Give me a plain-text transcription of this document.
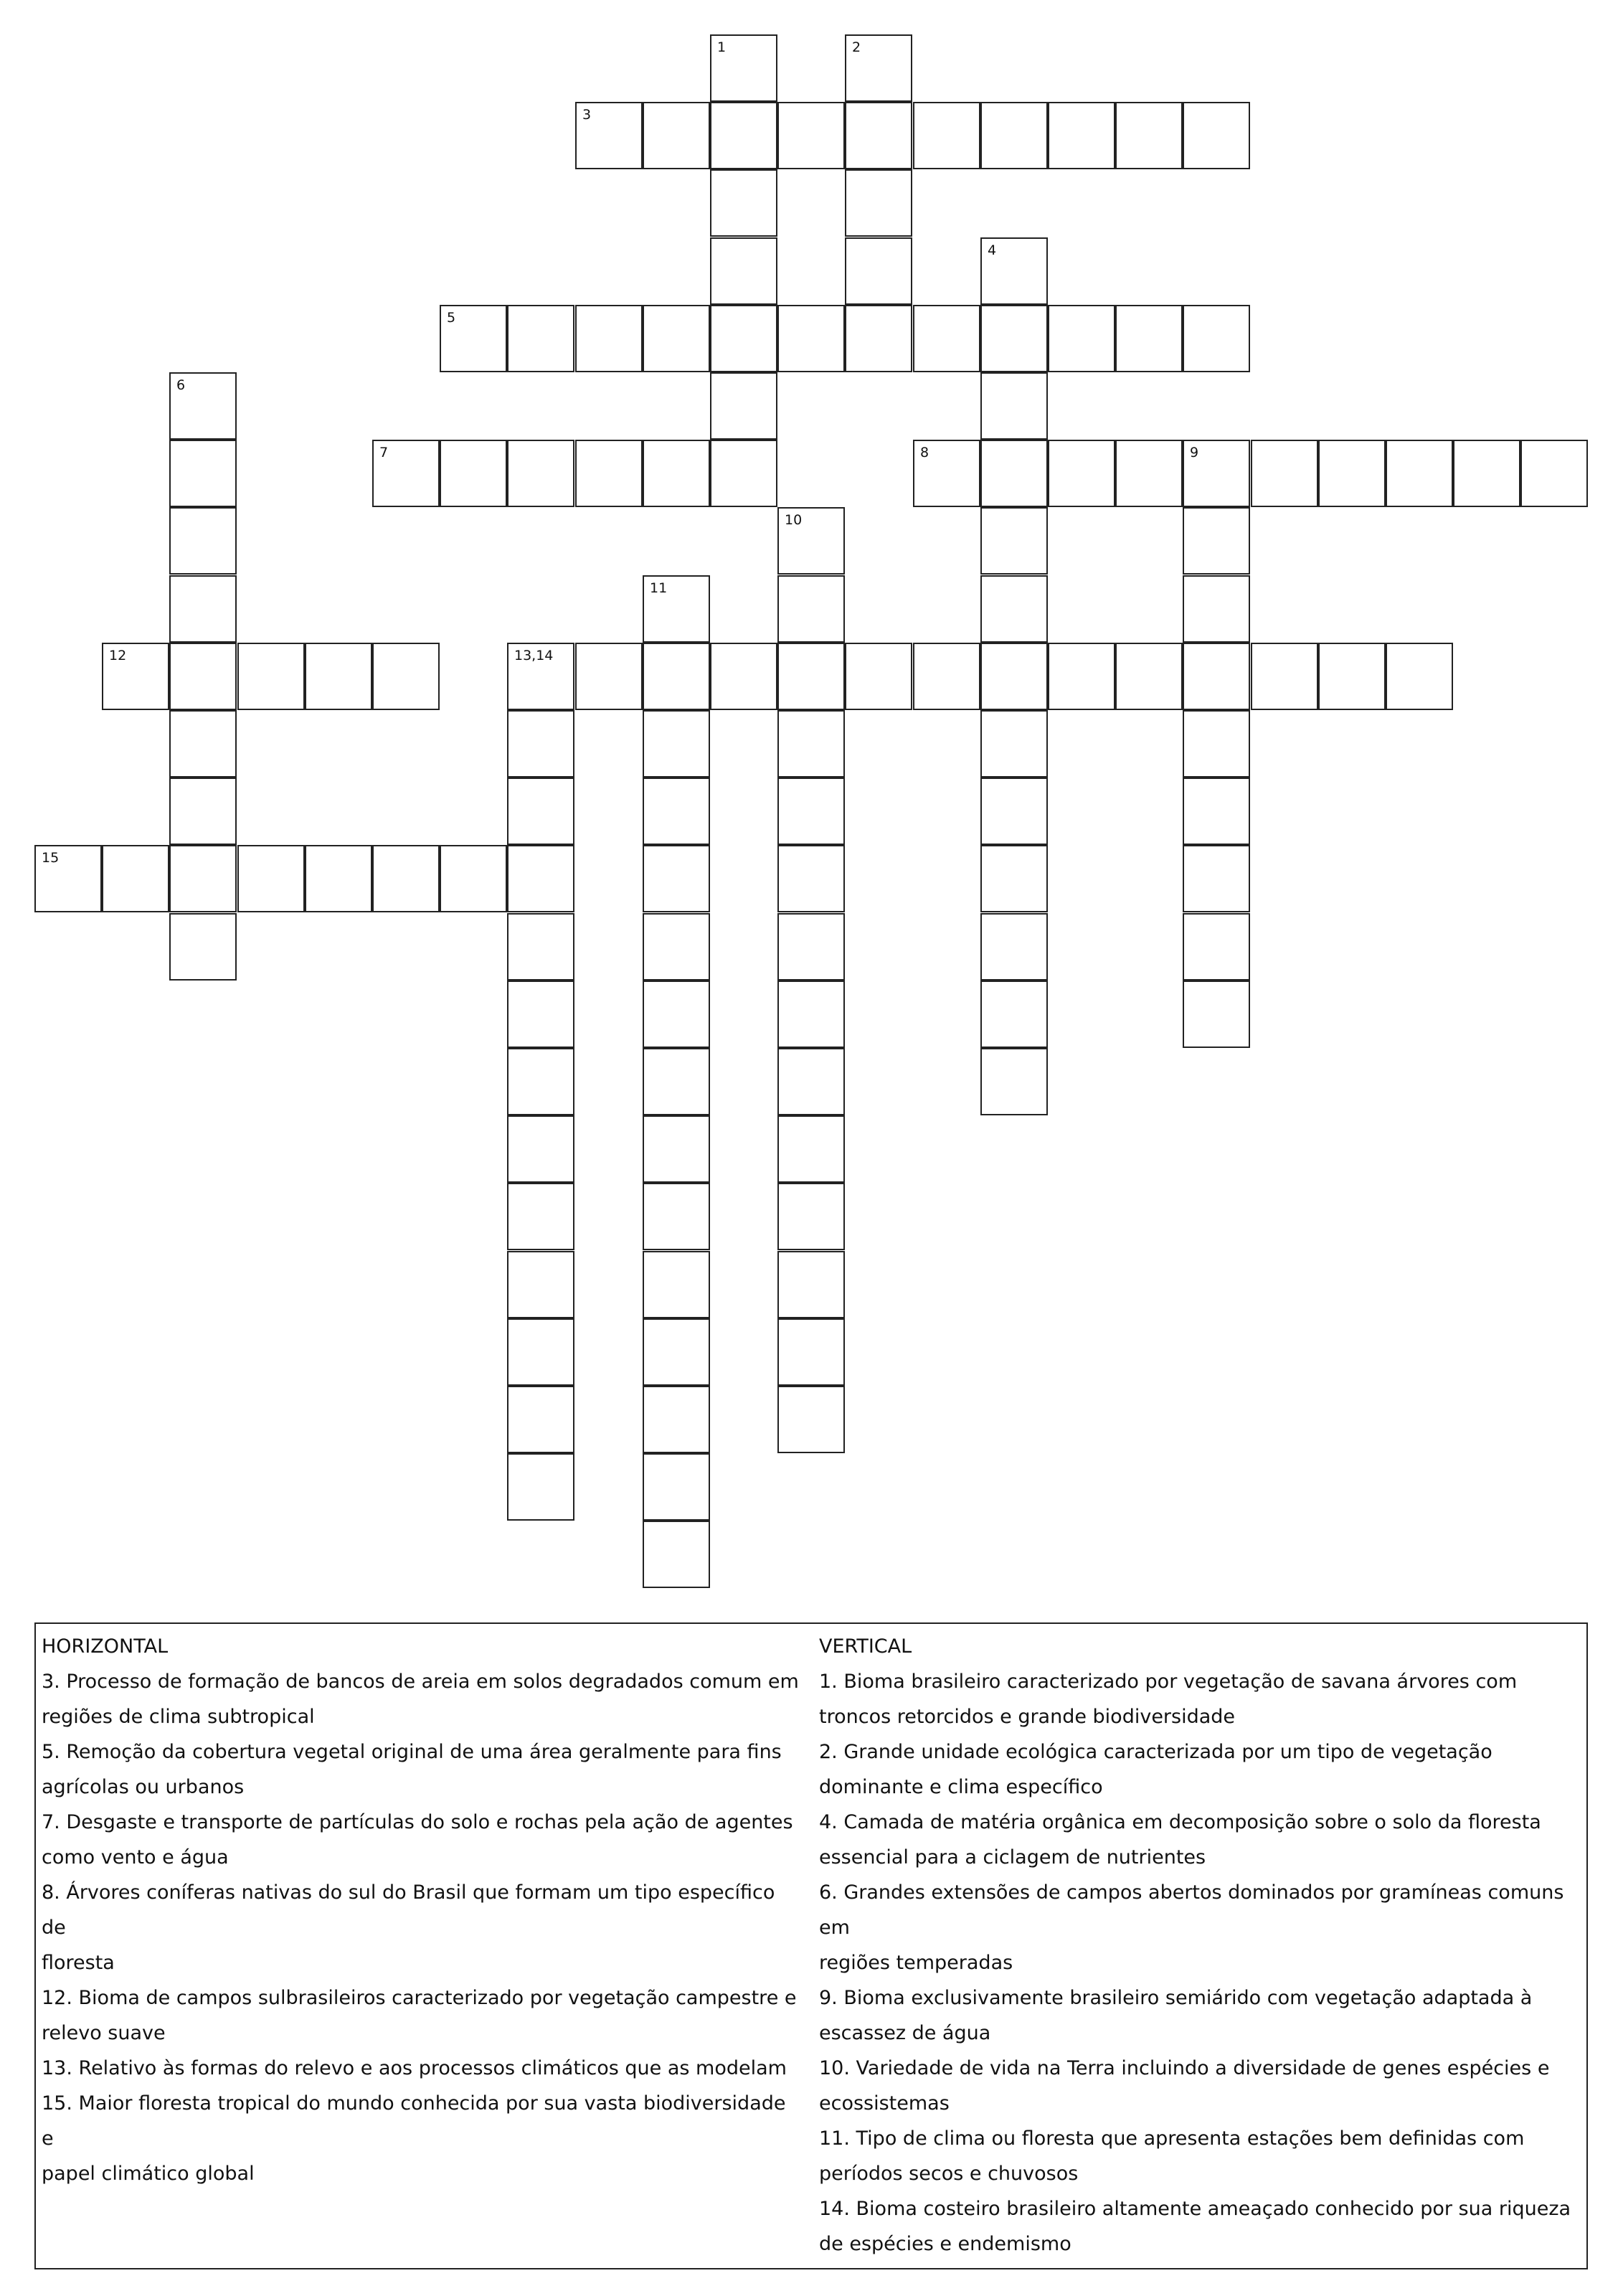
1	2
3
4
5
6
7	8	9
10
11
12	13,14
15
HORIZONTAL
3. Processo de formação de bancos de areia em solos degradados comum em
regiões de clima subtropical
5. Remoção da cobertura vegetal original de uma área geralmente para fins
agrícolas ou urbanos
7. Desgaste e transporte de partículas do solo e rochas pela ação de agentes
como vento e água
8. Árvores coníferas nativas do sul do Brasil que formam um tipo específico de
floresta
12. Bioma de campos sulbrasileiros caracterizado por vegetação campestre e
relevo suave
13. Relativo às formas do relevo e aos processos climáticos que as modelam
15. Maior floresta tropical do mundo conhecida por sua vasta biodiversidade e
papel climático global
VERTICAL
1. Bioma brasileiro caracterizado por vegetação de savana árvores com
troncos retorcidos e grande biodiversidade
2. Grande unidade ecológica caracterizada por um tipo de vegetação
dominante e clima específico
4. Camada de matéria orgânica em decomposição sobre o solo da floresta
essencial para a ciclagem de nutrientes
6. Grandes extensões de campos abertos dominados por gramíneas comuns em
regiões temperadas
9. Bioma exclusivamente brasileiro semiárido com vegetação adaptada à
escassez de água
10. Variedade de vida na Terra incluindo a diversidade de genes espécies e
ecossistemas
11. Tipo de clima ou floresta que apresenta estações bem definidas com
períodos secos e chuvosos
14. Bioma costeiro brasileiro altamente ameaçado conhecido por sua riqueza
de espécies e endemismo
